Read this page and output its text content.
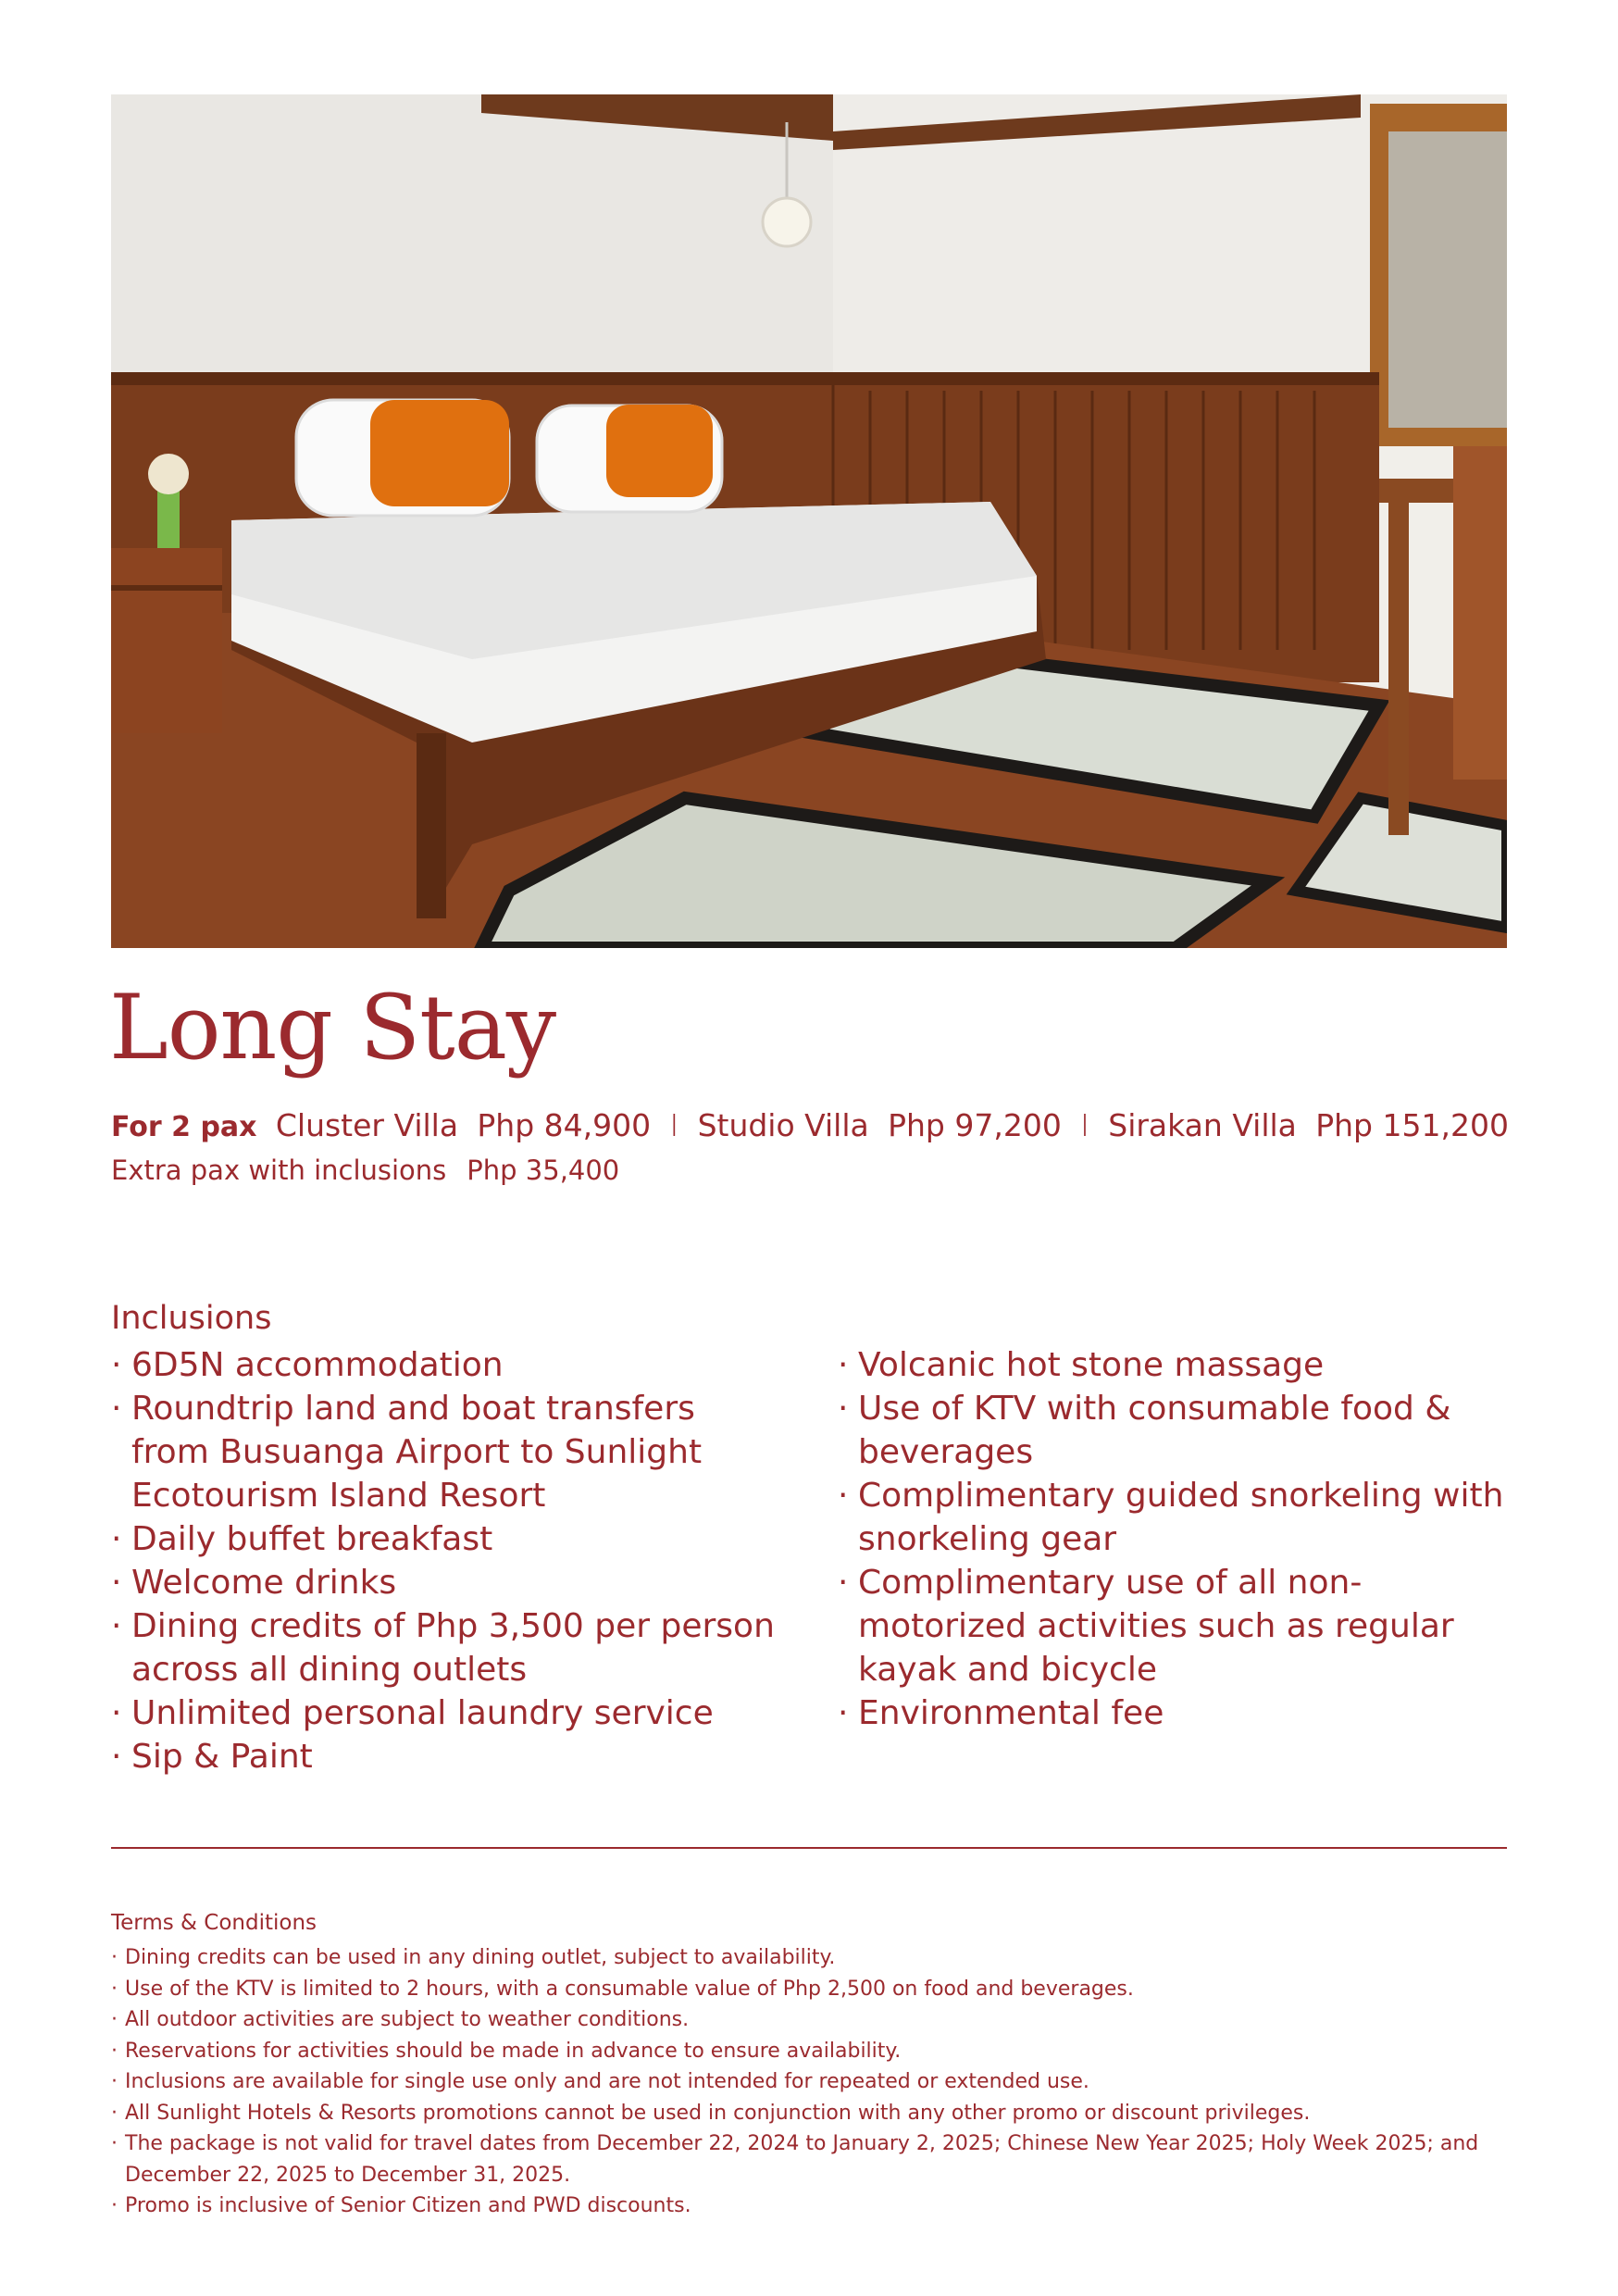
Long Stay
For 2 pax Cluster Villa Php 84,900 I Studio Villa Php 97,200 I Sirakan Villa Php 151,200
Extra pax with inclusions Php 35,400
Inclusions
· 6D5N accommodation
· Roundtrip land and boat transfers from Busuanga Airport to Sunlight Ecotourism Island Resort
· Daily buffet breakfast
· Welcome drinks
· Dining credits of Php 3,500 per person across all dining outlets
· Unlimited personal laundry service
· Sip & Paint
· Volcanic hot stone massage
· Use of KTV with consumable food & beverages
· Complimentary guided snorkeling with snorkeling gear
· Complimentary use of all non-motorized activities such as regular kayak and bicycle
· Environmental fee
Terms & Conditions
· Dining credits can be used in any dining outlet, subject to availability.
· Use of the KTV is limited to 2 hours, with a consumable value of Php 2,500 on food and beverages.
· All outdoor activities are subject to weather conditions.
· Reservations for activities should be made in advance to ensure availability.
· Inclusions are available for single use only and are not intended for repeated or extended use.
· All Sunlight Hotels & Resorts promotions cannot be used in conjunction with any other promo or discount privileges.
· The package is not valid for travel dates from December 22, 2024 to January 2, 2025; Chinese New Year 2025; Holy Week 2025; and December 22, 2025 to December 31, 2025.
· Promo is inclusive of Senior Citizen and PWD discounts.
